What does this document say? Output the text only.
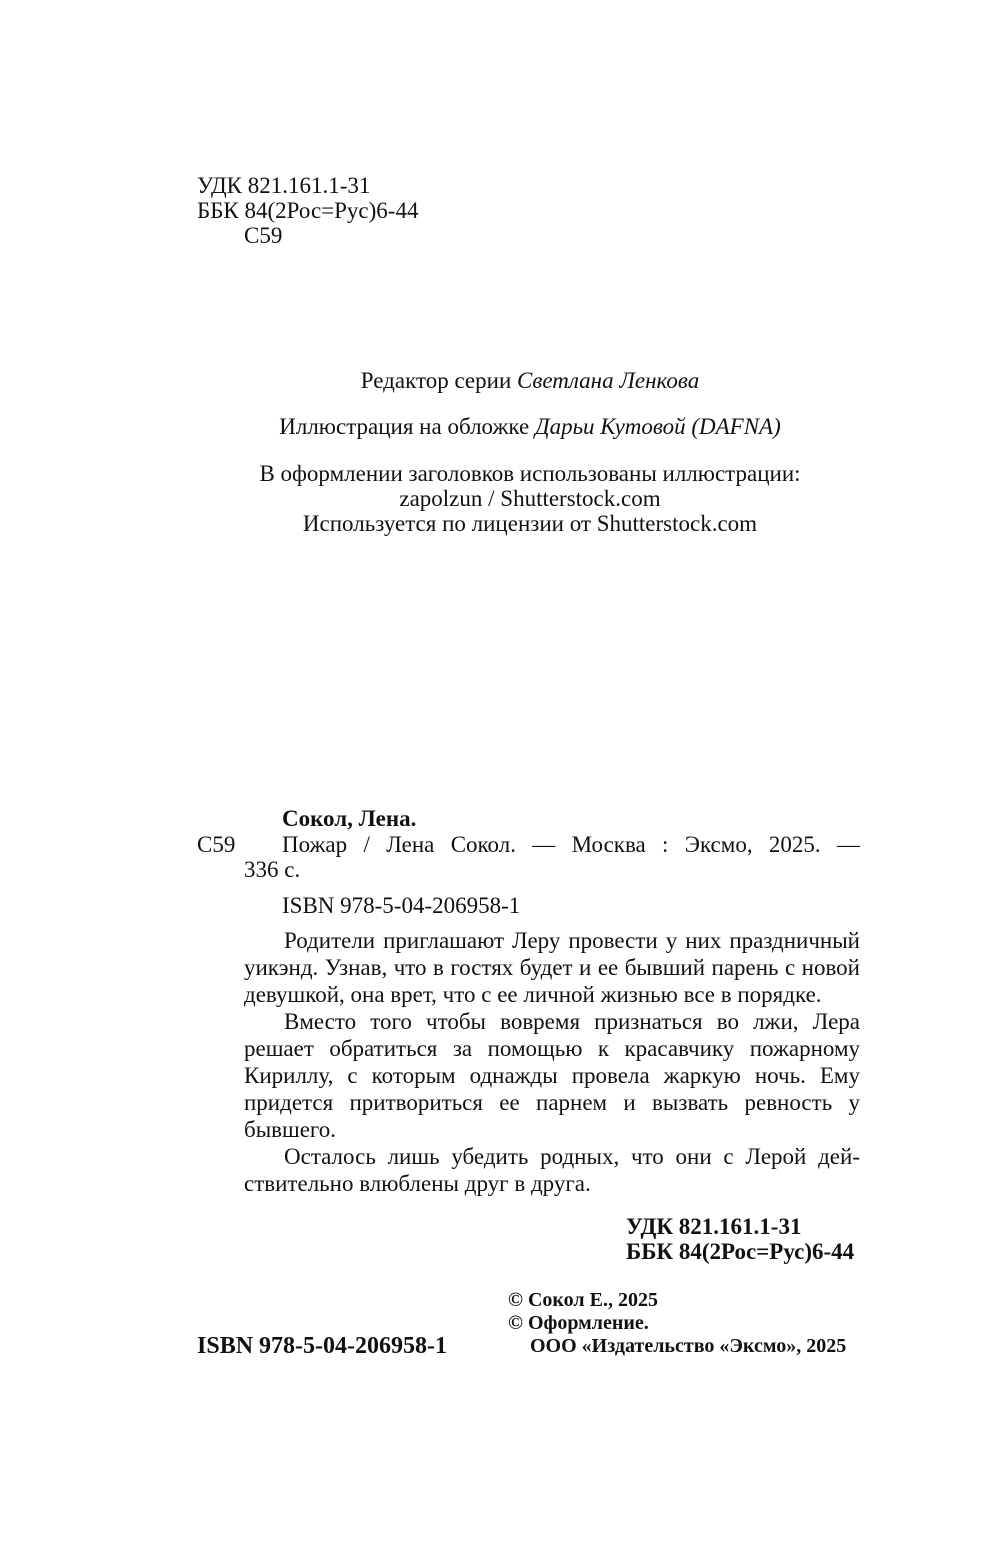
УДК 821.161.1-31
ББК 84(2Рос=Рус)6-44
С59
Редактор серии Светлана Ленкова
Иллюстрация на обложке Дарьи Кутовой (DAFNA)
В оформлении заголовков использованы иллюстрации:
zapolzun / Shutterstock.com
Используется по лицензии от Shutterstock.com
Сокол, Лена.
С59 Пожар / Лена Сокол. — Москва : Эксмо, 2025. —
336 с.
ISBN 978-5-04-206958-1

Родители приглашают Леру провести у них праздничный уикэнд. Узнав, что в гостях будет и ее бывший парень с новой девушкой, она врет, что с ее личной жизнью все в порядке.

Вместо того чтобы вовремя признаться во лжи, Лера решает обратиться за помощью к красавчику пожарному Кириллу, с которым однажды провела жаркую ночь. Ему придется притвориться ее парнем и вызвать ревность у бывшего.

Осталось лишь убедить родных, что они с Лерой действительно влюблены друг в друга.

УДК 821.161.1-31
ББК 84(2Рос=Рус)6-44
ISBN 978-5-04-206958-1
© Сокол Е., 2025
© Оформление.
ООО «Издательство «Эксмо», 2025
